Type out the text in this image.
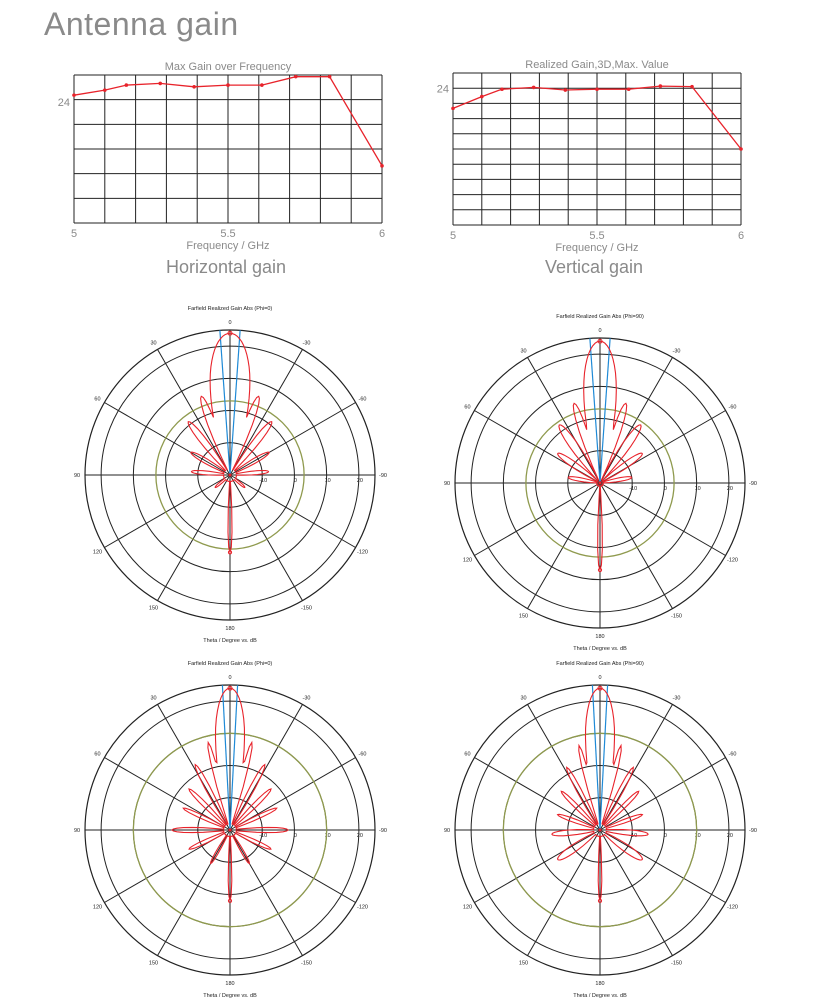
Antenna gain
Max Gain over Frequency
5	5.5	6
24
Frequency / GHz
Realized Gain,3D,Max. Value
5	5.5	6
24
Frequency / GHz
Horizontal gain	Vertical gain
Farfield Realized Gain Abs (Phi=0)
0
30
60
90
120
150
180
-150
-120
-90
-60
-30
-10	0	10	20
Theta / Degree vs. dB
Farfield Realized Gain Abs (Phi=90)
0
30
60
90
120
150
180
-150
-120
-90
-60
-30
-10	0	10	20
Theta / Degree vs. dB
Farfield Realized Gain Abs (Phi=0)
0
30
60
90
120
150
180
-150
-120
-90
-60
-30
-10	0	10	20
Theta / Degree vs. dB
Farfield Realized Gain Abs (Phi=90)
0
30
60
90
120
150
180
-150
-120
-90
-60
-30
-10	0	10	20
Theta / Degree vs. dB
